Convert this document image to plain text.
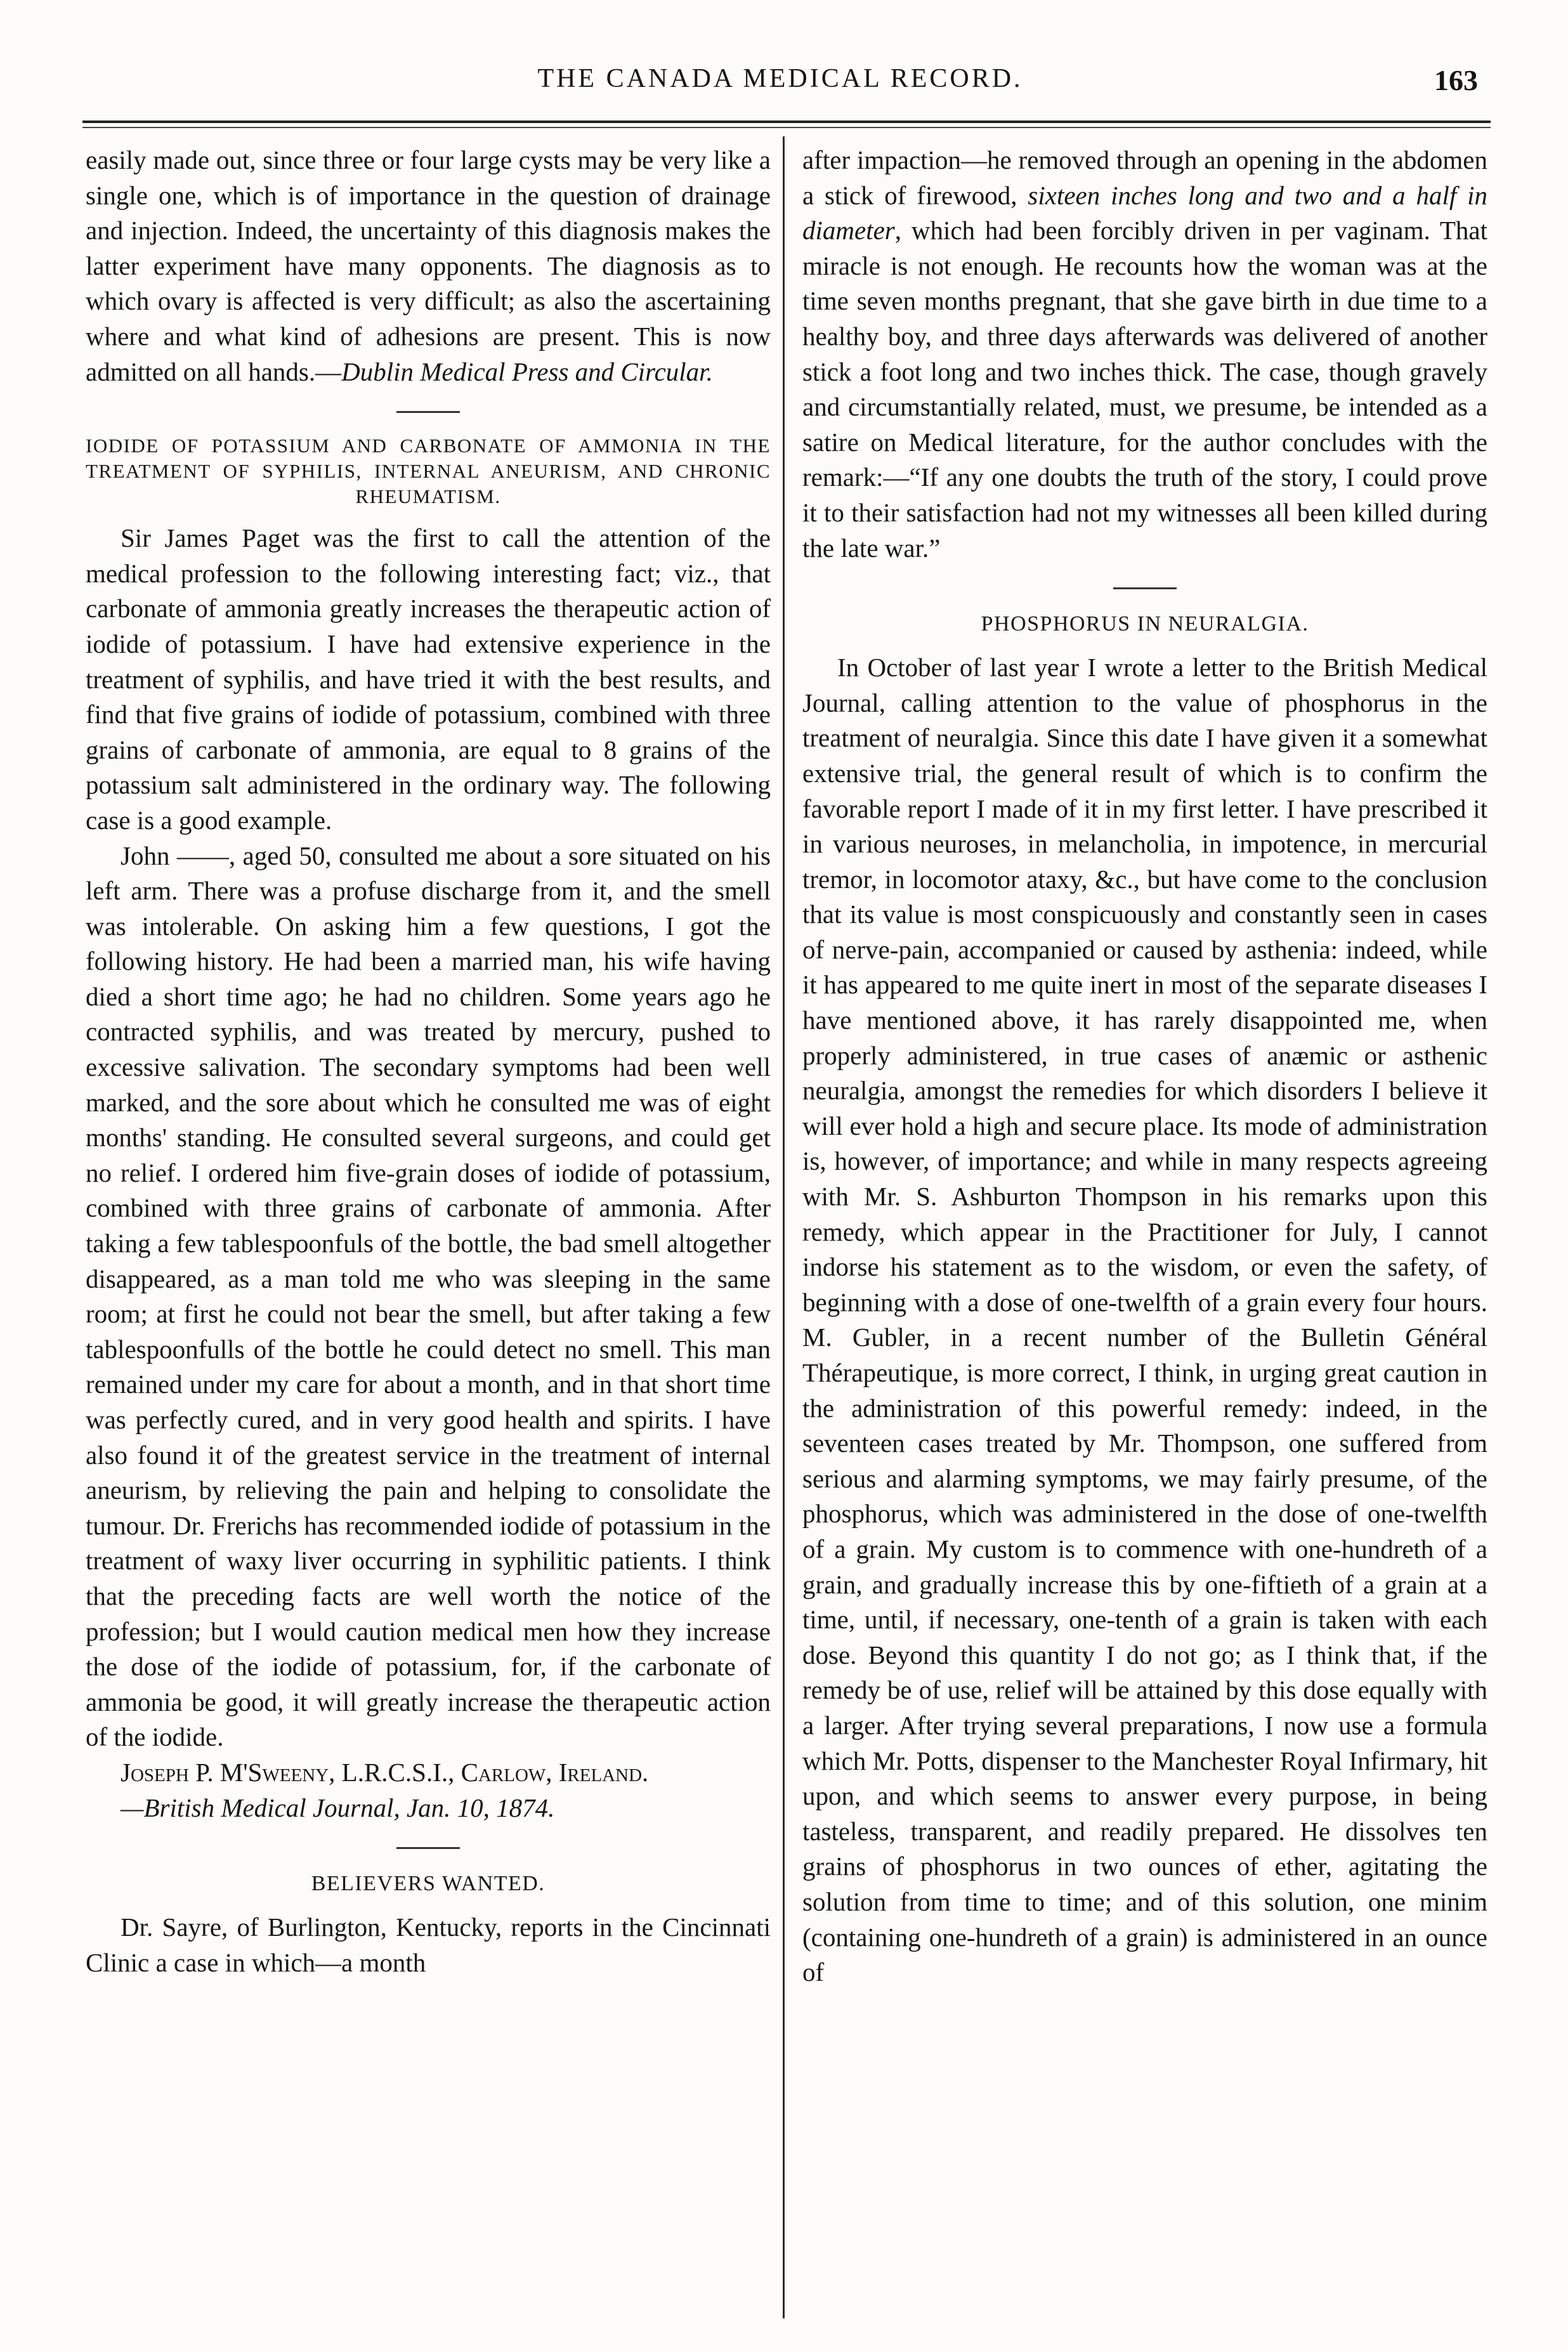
THE CANADA MEDICAL RECORD.	163

easily made out, since three or four large cysts may be very like a single one, which is of importance in the question of drainage and injection. Indeed, the uncertainty of this diagnosis makes the latter experiment have many opponents. The diagnosis as to which ovary is affected is very difficult; as also the ascertaining where and what kind of adhesions are present. This is now admitted on all hands.—Dublin Medical Press and Circular.

IODIDE OF POTASSIUM AND CARBONATE OF AMMONIA IN THE TREATMENT OF SYPHILIS, INTERNAL ANEURISM, AND CHRONIC RHEUMATISM.

Sir James Paget was the first to call the attention of the medical profession to the following interesting fact; viz., that carbonate of ammonia greatly increases the therapeutic action of iodide of potassium. I have had extensive experience in the treatment of syphilis, and have tried it with the best results, and find that five grains of iodide of potassium, combined with three grains of carbonate of ammonia, are equal to 8 grains of the potassium salt administered in the ordinary way. The following case is a good example.

John ——, aged 50, consulted me about a sore situated on his left arm. There was a profuse discharge from it, and the smell was intolerable. On asking him a few questions, I got the following history. He had been a married man, his wife having died a short time ago; he had no children. Some years ago he contracted syphilis, and was treated by mercury, pushed to excessive salivation. The secondary symptoms had been well marked, and the sore about which he consulted me was of eight months' standing. He consulted several surgeons, and could get no relief. I ordered him five-grain doses of iodide of potassium, combined with three grains of carbonate of ammonia. After taking a few tablespoonfuls of the bottle, the bad smell altogether disappeared, as a man told me who was sleeping in the same room; at first he could not bear the smell, but after taking a few tablespoonfulls of the bottle he could detect no smell. This man remained under my care for about a month, and in that short time was perfectly cured, and in very good health and spirits. I have also found it of the greatest service in the treatment of internal aneurism, by relieving the pain and helping to consolidate the tumour. Dr. Frerichs has recommended iodide of potassium in the treatment of waxy liver occurring in syphilitic patients. I think that the preceding facts are well worth the notice of the profession; but I would caution medical men how they increase the dose of the iodide of potassium, for, if the carbonate of ammonia be good, it will greatly increase the therapeutic action of the iodide.

Joseph P. M'Sweeny, L.R.C.S.I., Carlow, Ireland.

—British Medical Journal, Jan. 10, 1874.

BELIEVERS WANTED.

Dr. Sayre, of Burlington, Kentucky, reports in the Cincinnati Clinic a case in which—a month

after impaction—he removed through an opening in the abdomen a stick of firewood, sixteen inches long and two and a half in diameter, which had been forcibly driven in per vaginam. That miracle is not enough. He recounts how the woman was at the time seven months pregnant, that she gave birth in due time to a healthy boy, and three days afterwards was delivered of another stick a foot long and two inches thick. The case, though gravely and circumstantially related, must, we presume, be intended as a satire on Medical literature, for the author concludes with the remark:—“If any one doubts the truth of the story, I could prove it to their satisfaction had not my witnesses all been killed during the late war.”

PHOSPHORUS IN NEURALGIA.

In October of last year I wrote a letter to the British Medical Journal, calling attention to the value of phosphorus in the treatment of neuralgia. Since this date I have given it a somewhat extensive trial, the general result of which is to confirm the favorable report I made of it in my first letter. I have prescribed it in various neuroses, in melancholia, in impotence, in mercurial tremor, in locomotor ataxy, &c., but have come to the conclusion that its value is most conspicuously and constantly seen in cases of nerve-pain, accompanied or caused by asthenia: indeed, while it has appeared to me quite inert in most of the separate diseases I have mentioned above, it has rarely disappointed me, when properly administered, in true cases of anæmic or asthenic neuralgia, amongst the remedies for which disorders I believe it will ever hold a high and secure place. Its mode of administration is, however, of importance; and while in many respects agreeing with Mr. S. Ashburton Thompson in his remarks upon this remedy, which appear in the Practitioner for July, I cannot indorse his statement as to the wisdom, or even the safety, of beginning with a dose of one-twelfth of a grain every four hours. M. Gubler, in a recent number of the Bulletin Général Thérapeutique, is more correct, I think, in urging great caution in the administration of this powerful remedy: indeed, in the seventeen cases treated by Mr. Thompson, one suffered from serious and alarming symptoms, we may fairly presume, of the phosphorus, which was administered in the dose of one-twelfth of a grain. My custom is to commence with one-hundreth of a grain, and gradually increase this by one-fiftieth of a grain at a time, until, if necessary, one-tenth of a grain is taken with each dose. Beyond this quantity I do not go; as I think that, if the remedy be of use, relief will be attained by this dose equally with a larger. After trying several preparations, I now use a formula which Mr. Potts, dispenser to the Manchester Royal Infirmary, hit upon, and which seems to answer every purpose, in being tasteless, transparent, and readily prepared. He dissolves ten grains of phosphorus in two ounces of ether, agitating the solution from time to time; and of this solution, one minim (containing one-hundreth of a grain) is administered in an ounce of
